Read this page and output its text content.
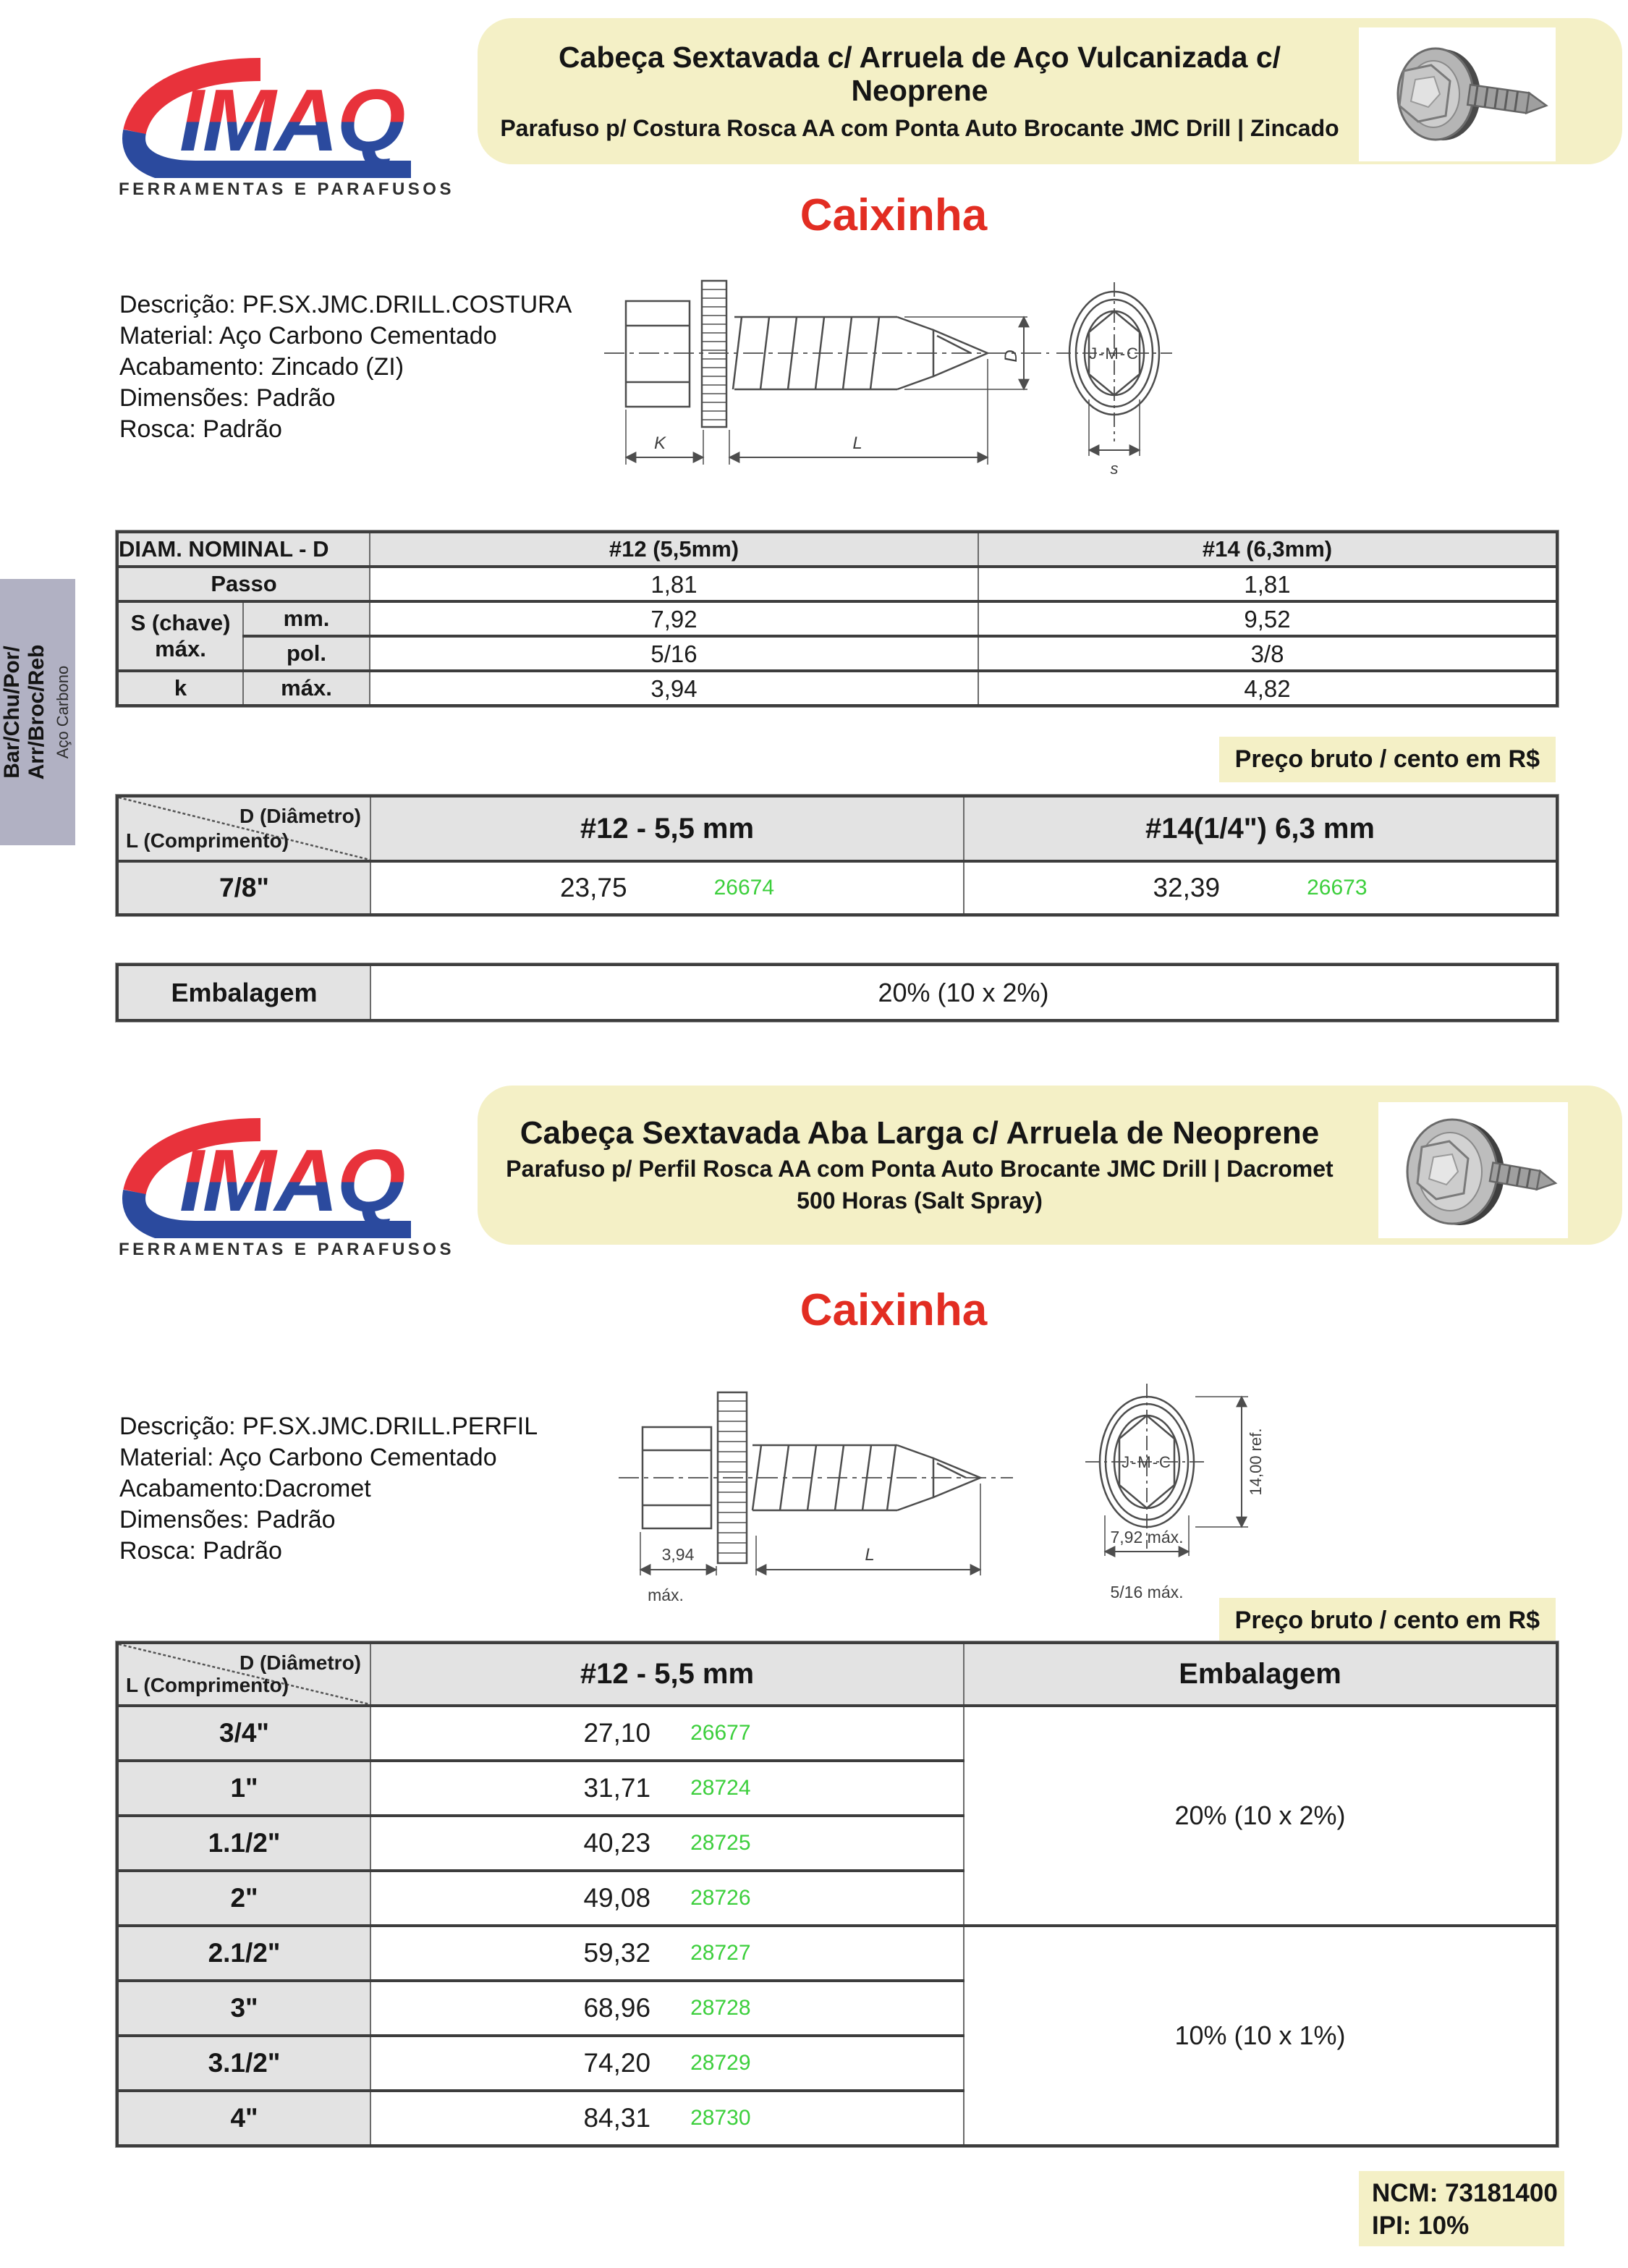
Bar/Chu/Por/ Arr/Broc/Reb Aço Carbono
IMAQ
FERRAMENTAS E PARAFUSOS
Cabeça Sextavada c/ Arruela de Aço Vulcanizada c/ Neoprene
Parafuso p/ Costura Rosca AA com Ponta Auto Brocante JMC Drill | Zincado
Caixinha
Descrição: PF.SX.JMC.DRILL.COSTURA
Material: Aço Carbono Cementado
Acabamento: Zincado (ZI)
Dimensões: Padrão
Rosca: Padrão
K	L
D
s
J-M-C
DIAM. NOMINAL - D		#12 (5,5mm)	#14 (6,3mm)
Passo		1,81	1,81

S (chave)
máx.	mm.	7,92	9,52
	pol.	5/16	3/8
k	máx.	3,94	4,82
Preço bruto / cento em R$
D (Diâmetro)
L (Comprimento)	#12 - 5,5 mm	#14(1/4") 6,3 mm
7/8"	23,75 26674	32,39 26673
Embalagem	20% (10 x 2%)
IMAQ
FERRAMENTAS E PARAFUSOS
Cabeça Sextavada Aba Larga c/ Arruela de Neoprene
Parafuso p/ Perfil Rosca AA com Ponta Auto Brocante JMC Drill | Dacromet
500 Horas (Salt Spray)
Caixinha
Descrição: PF.SX.JMC.DRILL.PERFIL
Material: Aço Carbono Cementado
Acabamento:Dacromet
Dimensões: Padrão
Rosca: Padrão	3,94
máx.
L
7,92 máx.
5/16 máx.
14,00 ref.
J-M-C
Preço bruto / cento em R$
D (Diâmetro)
L (Comprimento)	#12 - 5,5 mm	Embalagem
3/4"	27,10 26677	20% (10 x 2%)
1"	31,71 28724	

1.1/2"	40,23 28725	

2"	49,08 28726	

2.1/2"	59,32 28727	10% (10 x 1%)
3"	68,96 28728	

3.1/2"	74,20 28729	

4"	84,31 28730	
NCM: 73181400
IPI: 10%
